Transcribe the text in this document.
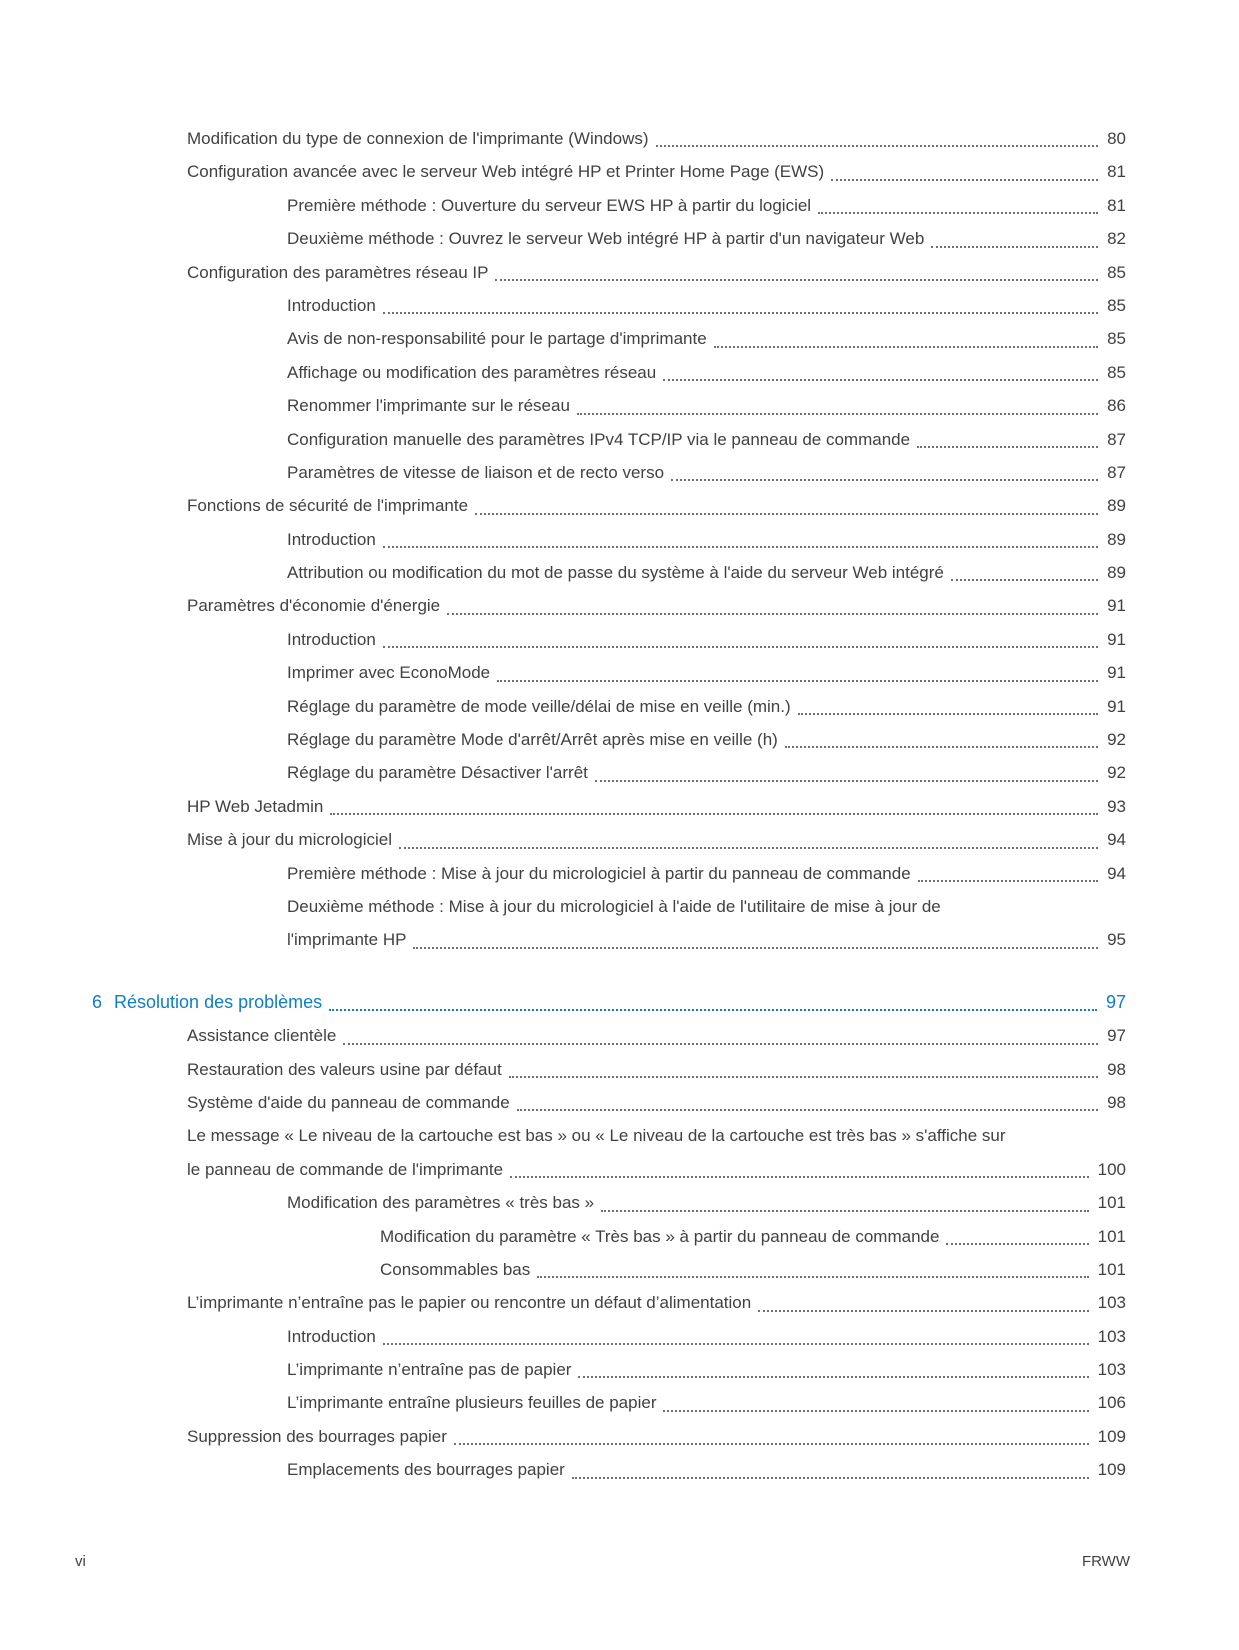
Modification du type de connexion de l'imprimante (Windows)	80
Configuration avancée avec le serveur Web intégré HP et Printer Home Page (EWS)	81
Première méthode : Ouverture du serveur EWS HP à partir du logiciel	81
Deuxième méthode : Ouvrez le serveur Web intégré HP à partir d'un navigateur Web	82
Configuration des paramètres réseau IP	85
Introduction	85
Avis de non-responsabilité pour le partage d'imprimante	85
Affichage ou modification des paramètres réseau	85
Renommer l'imprimante sur le réseau	86
Configuration manuelle des paramètres IPv4 TCP/IP via le panneau de commande	87
Paramètres de vitesse de liaison et de recto verso	87
Fonctions de sécurité de l'imprimante	89
Introduction	89
Attribution ou modification du mot de passe du système à l'aide du serveur Web intégré	89
Paramètres d'économie d'énergie	91
Introduction	91
Imprimer avec EconoMode	91
Réglage du paramètre de mode veille/délai de mise en veille (min.)	91
Réglage du paramètre Mode d'arrêt/Arrêt après mise en veille (h)	92
Réglage du paramètre Désactiver l'arrêt	92
HP Web Jetadmin	93
Mise à jour du micrologiciel	94
Première méthode : Mise à jour du micrologiciel à partir du panneau de commande	94
Deuxième méthode : Mise à jour du micrologiciel à l'aide de l'utilitaire de mise à jour de
l'imprimante HP	95
6 Résolution des problèmes	97
Assistance clientèle	97
Restauration des valeurs usine par défaut	98
Système d'aide du panneau de commande	98
Le message « Le niveau de la cartouche est bas » ou « Le niveau de la cartouche est très bas » s'affiche sur
le panneau de commande de l'imprimante	100
Modification des paramètres « très bas »	101
Modification du paramètre « Très bas » à partir du panneau de commande	101
Consommables bas	101
L’imprimante n’entraîne pas le papier ou rencontre un défaut d’alimentation	103
Introduction	103
L’imprimante n’entraîne pas de papier	103
L’imprimante entraîne plusieurs feuilles de papier	106
Suppression des bourrages papier	109
Emplacements des bourrages papier	109
vi	FRWW
